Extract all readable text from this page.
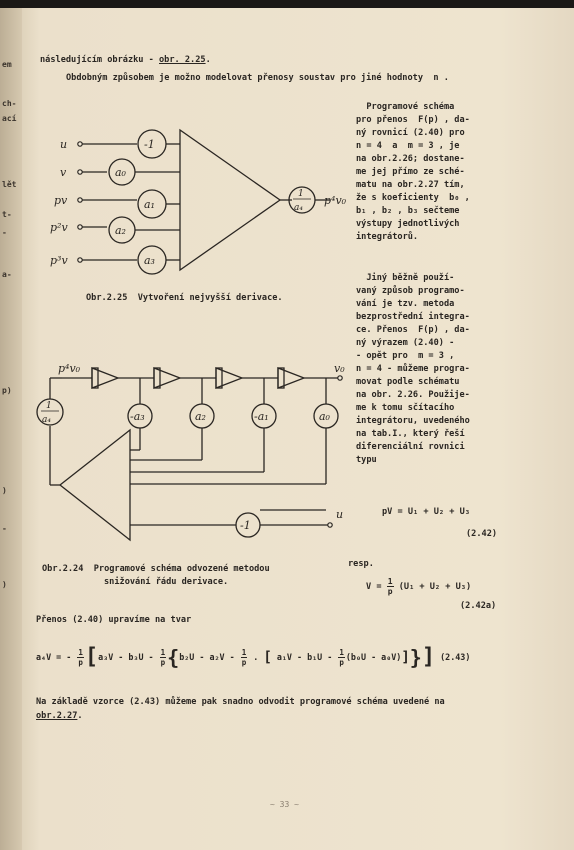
em
ch-
ací
lět
t-
-
a-
p)
)
-
)
následujícím obrázku - obr. 2.25.
Obdobným způsobem je možno modelovat přenosy soustav pro jiné hodnoty  n .
Programové schéma
pro přenos  F(p) , da-
ný rovnicí (2.40) pro
n = 4  a  m = 3 , je
na obr.2.26; dostane-
me jej přímo ze sché-
matu na obr.2.27 tím,
že s koeficienty  b₀ ,
b₁ , b₂ , b₃ sečteme
výstupy jednotlivých
integrátorů.
Jiný běžně použí-
vaný způsob programo-
vání je tzv. metoda
bezprostřední integra-
ce. Přenos  F(p) , da-
ný výrazem (2.40) -
- opět pro  m = 3 ,
n = 4 - můžeme progra-
movat podle schématu
na obr. 2.26. Použije-
me k tomu sčítacího
integrátoru, uvedeného
na tab.I., který řeší
diferenciální rovnici
typu
u
v
pv
p²v
p³v
-1
a₀
a₁
a₂
a₃
1
a₄
p⁴v₀
Obr.2.25  Vytvoření nejvyšší derivace.
p⁴v₀	v₀
1
a₄	-a₃	a₂	-a₁	a₀
-1
u
Obr.2.24  Programové schéma odvozené metodou
snižování řádu derivace.
pV = U₁ + U₂ + U₃
(2.42)
resp.
$V = \frac{1}{p} (U_1 + U_2 + U_3)$
(2.42a)
Přenos (2.40) upravíme na tvar
a₄V = - $\frac{1}{p}[a_3V - b_3U - \frac{1}{p}\{b_2U - a_2V - \frac{1}{p}$ . [ $a_1V - b_1U - \frac{1}{p}(b_0U - a_0V)$]}] (2.43)
Na základě vzorce (2.43) můžeme pak snadno odvodit programové schéma uvedené na
obr.2.27.
~ 33 ~
